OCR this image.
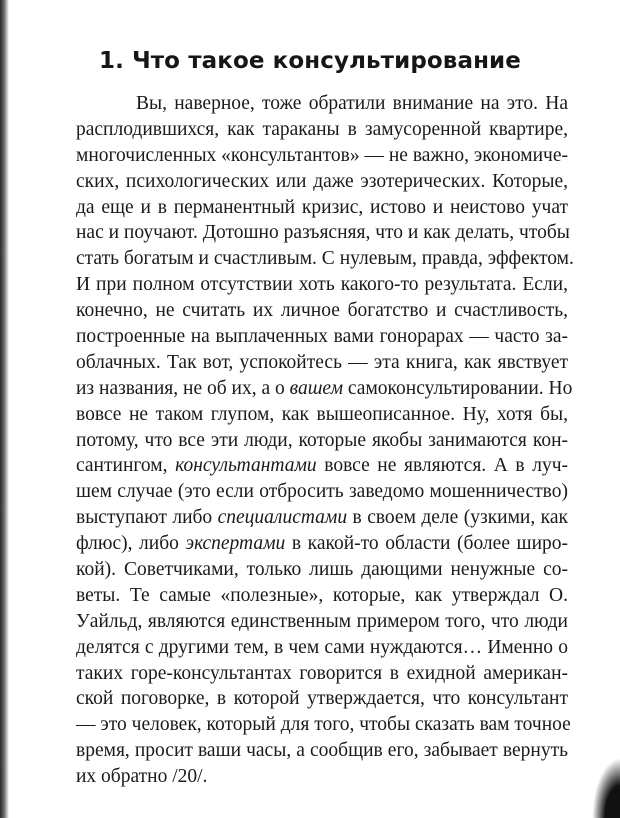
1. Что такое консультирование
Вы, наверное, тоже обратили внимание на это. На
расплодившихся, как тараканы в замусоренной квартире,
многочисленных «консультантов» — не важно, экономиче-
ских, психологических или даже эзотерических. Которые,
да еще и в перманентный кризис, истово и неистово учат
нас и поучают. Дотошно разъясняя, что и как делать, чтобы
стать богатым и счастливым. С нулевым, правда, эффектом.
И при полном отсутствии хоть какого-то результата. Если,
конечно, не считать их личное богатство и счастливость,
построенные на выплаченных вами гонорарах — часто за-
облачных. Так вот, успокойтесь — эта книга, как явствует
из названия, не об их, а о вашем самоконсультировании. Но
вовсе не таком глупом, как вышеописанное. Ну, хотя бы,
потому, что все эти люди, которые якобы занимаются кон-
сантингом, консультантами вовсе не являются. А в луч-
шем случае (это если отбросить заведомо мошенничество)
выступают либо специалистами в своем деле (узкими, как
флюс), либо экспертами в какой-то области (более широ-
кой). Советчиками, только лишь дающими ненужные со-
веты. Те самые «полезные», которые, как утверждал О.
Уайльд, являются единственным примером того, что люди
делятся с другими тем, в чем сами нуждаются… Именно о
таких горе-консультантах говорится в ехидной американ-
ской поговорке, в которой утверждается, что консультант
— это человек, который для того, чтобы сказать вам точное
время, просит ваши часы, а сообщив его, забывает вернуть
их обратно /20/.
